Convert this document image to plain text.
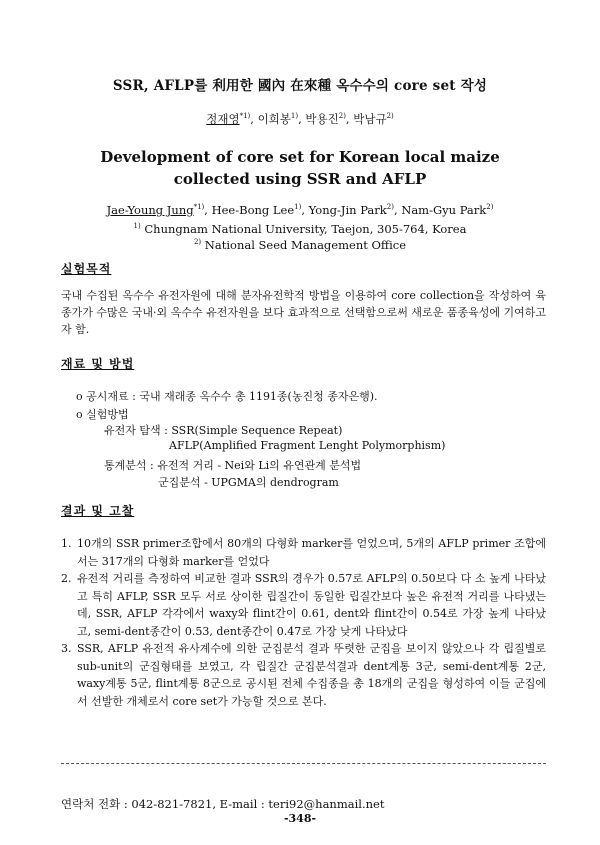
SSR, AFLP를 利用한 國內 在來種 옥수수의 core set 작성
정재영$^{*1)}$, 이희봉$^{1)}$, 박용진$^{2)}$, 박남규$^{2)}$
Development of core set for Korean local maize
collected using SSR and AFLP
Jae-Young Jung$^{*1)}$, Hee-Bong Lee$^{1)}$, Yong-Jin Park$^{2)}$, Nam-Gyu Park$^{2)}$
$^{1)}$ Chungnam National University, Taejon, 305-764, Korea
$^{2)}$ National Seed Management Office
실험목적
국내 수집된 옥수수 유전자원에 대해 분자유전학적 방법을 이용하여 core collection을 작성하여 육종가가 수많은 국내·외 옥수수 유전자원을 보다 효과적으로 선택함으로써 새로운 품종육성에 기여하고자 함.
재료 및 방법
o 공시재료 : 국내 재래종 옥수수 총 1191종(농진청 종자은행).
o 실험방법
유전자 탐색 : SSR(Simple Sequence Repeat)
AFLP(Amplified Fragment Lenght Polymorphism)
통계분석 : 유전적 거리 - Nei와 Li의 유연관계 분석법
군집분석 - UPGMA의 dendrogram
결과 및 고찰
1. 10개의 SSR primer조합에서 80개의 다형화 marker를 얻었으며, 5개의 AFLP primer 조합에서는 317개의 다형화 marker를 얻었다
2. 유전적 거리를 측정하여 비교한 결과 SSR의 경우가 0.57로 AFLP의 0.50보다 다 소 높게 나타났고 특히 AFLP, SSR 모두 서로 상이한 립질간이 동일한 립질간보다 높은 유전적 거리를 나타냈는데, SSR, AFLP 각각에서 waxy와 flint간이 0.61, dent와 flint간이 0.54로 가장 높게 나타났고, semi-dent종간이 0.53, dent종간이 0.47로 가장 낮게 나타났다
3. SSR, AFLP 유전적 유사계수에 의한 군집분석 결과 뚜렷한 군집을 보이지 않았으나 각 립질별로 sub-unit의 군집형태를 보였고, 각 립질간 군집분석결과 dent계통 3군, semi-dent계통 2군, waxy계통 5군, flint계통 8군으로 공시된 전체 수집종을 총 18개의 군집을 형성하여 이들 군집에서 선발한 개체로서 core set가 가능할 것으로 본다.
연락처 전화 : 042-821-7821, E-mail : teri92@hanmail.net
-348-
